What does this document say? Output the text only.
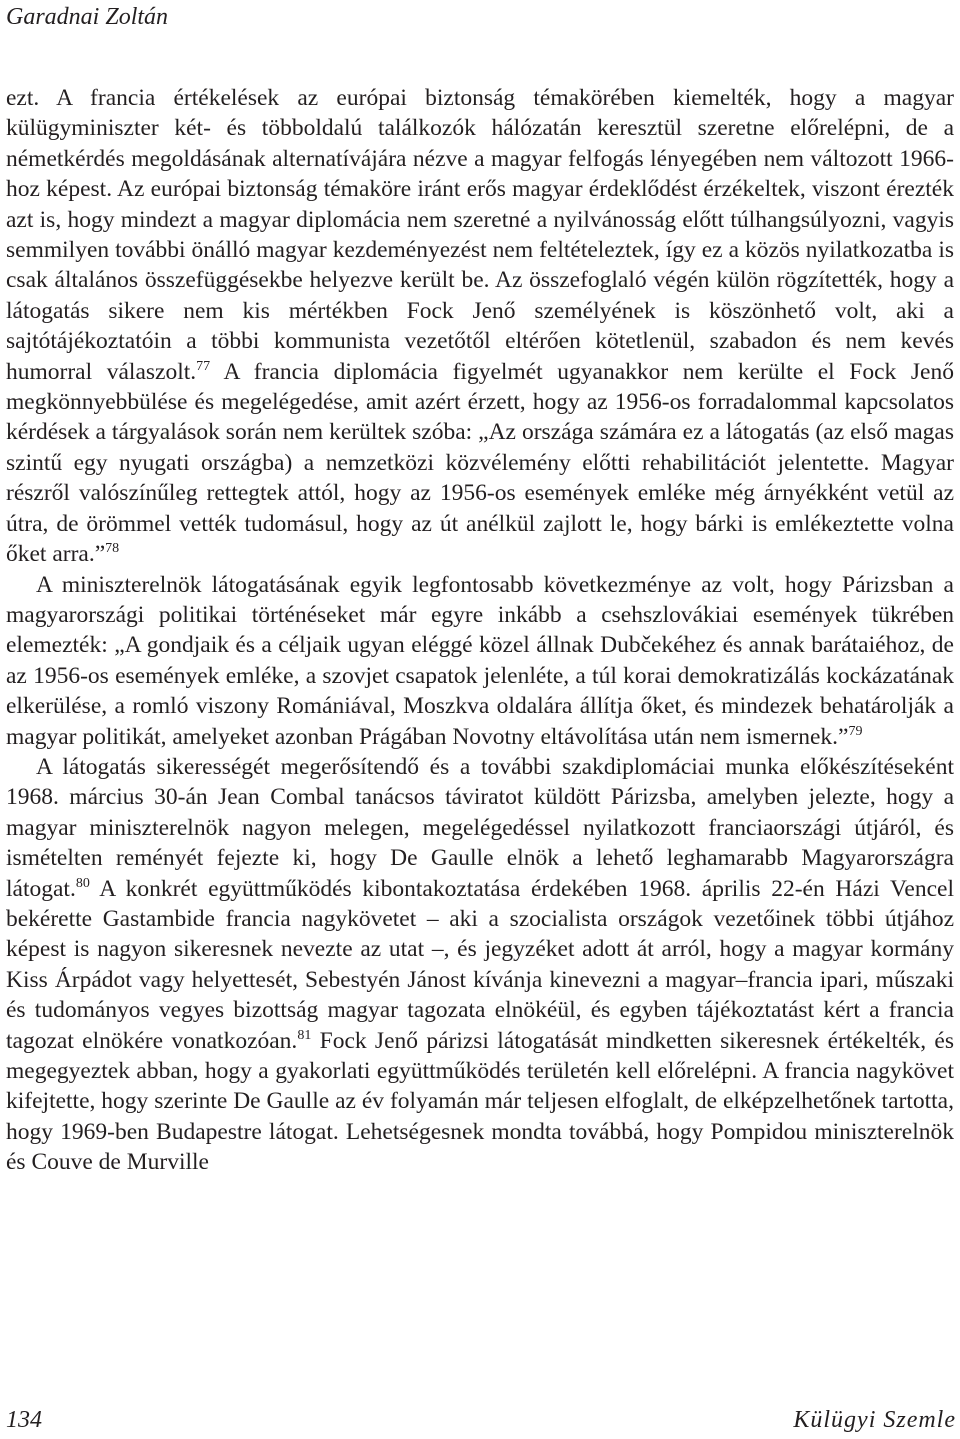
Garadnai Zoltán

ezt. A francia értékelések az európai biztonság témakörében kiemelték, hogy a magyar külügyminiszter két- és többoldalú találkozók hálózatán keresztül szeretne előrelépni, de a németkérdés megoldásának alternatívájára nézve a magyar felfogás lényegében nem változott 1966-hoz képest. Az európai biztonság témaköre iránt erős magyar érdeklődést érzékeltek, viszont érezték azt is, hogy mindezt a magyar diplomácia nem szeretné a nyilvánosság előtt túlhangsúlyozni, vagyis semmilyen további önálló magyar kezdeményezést nem feltételeztek, így ez a közös nyilatkozatba is csak általános összefüggésekbe helyezve került be. Az összefoglaló végén külön rögzítették, hogy a látogatás sikere nem kis mértékben Fock Jenő személyének is köszönhető volt, aki a sajtótájékoztatóin a többi kommunista vezetőtől eltérően kötetlenül, szabadon és nem kevés humorral válaszolt.$^{77}$ A francia diplomácia figyelmét ugyanakkor nem kerülte el Fock Jenő megkönnyebbülése és megelégedése, amit azért érzett, hogy az 1956-os forradalommal kapcsolatos kérdések a tárgyalások során nem kerültek szóba: „Az országa számára ez a látogatás (az első magas szintű egy nyugati országba) a nemzetközi közvélemény előtti rehabilitációt jelentette. Magyar részről valószínűleg rettegtek attól, hogy az 1956-os események emléke még árnyékként vetül az útra, de örömmel vették tudomásul, hogy az út anélkül zajlott le, hogy bárki is emlékeztette volna őket arra.”$^{78}$

A miniszterelnök látogatásának egyik legfontosabb következménye az volt, hogy Párizsban a magyarországi politikai történéseket már egyre inkább a csehszlovákiai események tükrében elemezték: „A gondjaik és a céljaik ugyan eléggé közel állnak Dubčekéhez és annak barátaiéhoz, de az 1956-os események emléke, a szovjet csapatok jelenléte, a túl korai demokratizálás kockázatának elkerülése, a romló viszony Romániával, Moszkva oldalára állítja őket, és mindezek behatárolják a magyar politikát, amelyeket azonban Prágában Novotny eltávolítása után nem ismernek.”$^{79}$

A látogatás sikerességét megerősítendő és a további szakdiplomáciai munka előkészítéseként 1968. március 30-án Jean Combal tanácsos táviratot küldött Párizsba, amelyben jelezte, hogy a magyar miniszterelnök nagyon melegen, megelégedéssel nyilatkozott franciaországi útjáról, és ismételten reményét fejezte ki, hogy De Gaulle elnök a lehető leghamarabb Magyarországra látogat.$^{80}$ A konkrét együttműködés kibontakoztatása érdekében 1968. április 22-én Házi Vencel bekérette Gastambide francia nagykövetet – aki a szocialista országok vezetőinek többi útjához képest is nagyon sikeresnek nevezte az utat –, és jegyzéket adott át arról, hogy a magyar kormány Kiss Árpádot vagy helyettesét, Sebestyén Jánost kívánja kinevezni a magyar–francia ipari, műszaki és tudományos vegyes bizottság magyar tagozata elnökéül, és egyben tájékoztatást kért a francia tagozat elnökére vonatkozóan.$^{81}$ Fock Jenő párizsi látogatását mindketten sikeresnek értékelték, és megegyeztek abban, hogy a gyakorlati együttműködés területén kell előrelépni. A francia nagykövet kifejtette, hogy szerinte De Gaulle az év folyamán már teljesen elfoglalt, de elképzelhetőnek tartotta, hogy 1969-ben Budapestre látogat. Lehetségesnek mondta továbbá, hogy Pompidou miniszterelnök és Couve de Murville

134	Külügyi Szemle
